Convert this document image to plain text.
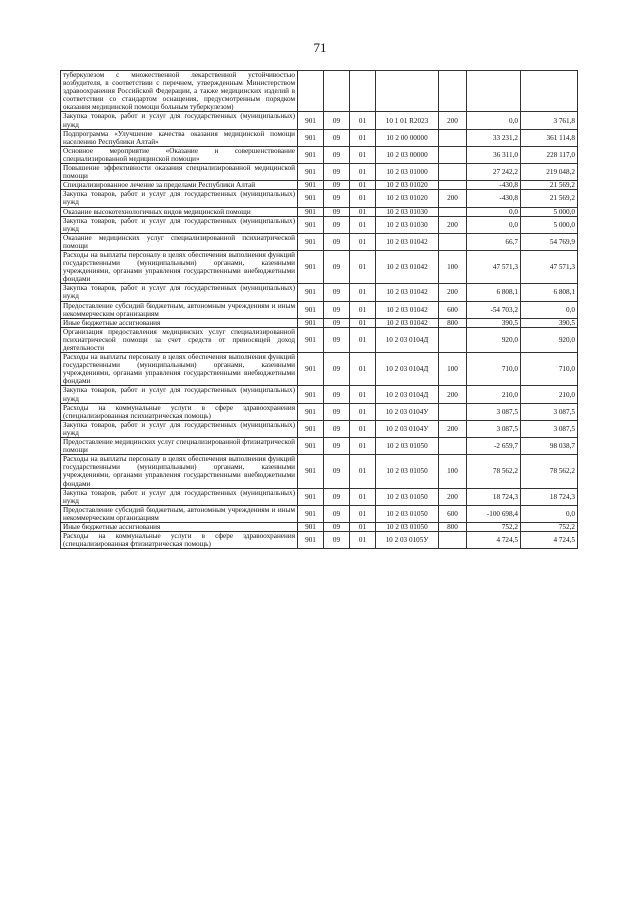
71
туберкулезом с множественной лекарственной устойчивостью возбудителя, в соответствии с перечнем, утвержденным Министерством здравоохранения Российской Федерации, а также медицинских изделий в соответствии со стандартом оснащения, предусмотренным порядком оказания медицинской помощи больным туберкулезом)							
Закупка товаров, работ и услуг для государственных (муниципальных) нужд	901	09	01	10 1 01 R2023	200	0,0	3 761,8
Подпрограмма «Улучшение качества оказания медицинской помощи населению Республики Алтай»	901	09	01	10 2 00 00000		33 231,2	361 114,8
Основное мероприятие «Оказание и совершенствование специализированной медицинской помощи»	901	09	01	10 2 03 00000		36 311,0	228 117,0
Повышение эффективности оказания специализированной медицинской помощи	901	09	01	10 2 03 01000		27 242,2	219 048,2
Специализированное лечение за пределами Республики Алтай	901	09	01	10 2 03 01020		-430,8	21 569,2
Закупка товаров, работ и услуг для государственных (муниципальных) нужд	901	09	01	10 2 03 01020	200	-430,8	21 569,2
Оказание высокотехнологичных видов медицинской помощи	901	09	01	10 2 03 01030		0,0	5 000,0
Закупка товаров, работ и услуг для государственных (муниципальных) нужд	901	09	01	10 2 03 01030	200	0,0	5 000,0
Оказание медицинских услуг специализированной психиатрической помощи	901	09	01	10 2 03 01042		66,7	54 769,9
Расходы на выплаты персоналу в целях обеспечения выполнения функций государственными (муниципальными) органами, казенными учреждениями, органами управления государственными внебюджетными фондами	901	09	01	10 2 03 01042	100	47 571,3	47 571,3
Закупка товаров, работ и услуг для государственных (муниципальных) нужд	901	09	01	10 2 03 01042	200	6 808,1	6 808,1
Предоставление субсидий бюджетным, автономным учреждениям и иным некоммерческим организациям	901	09	01	10 2 03 01042	600	-54 703,2	0,0
Иные бюджетные ассигнования	901	09	01	10 2 03 01042	800	390,5	390,5
Организация предоставления медицинских услуг специализированной психиатрической помощи за счет средств от приносящей доход деятельности	901	09	01	10 2 03 0104Д		920,0	920,0
Расходы на выплаты персоналу в целях обеспечения выполнения функций государственными (муниципальными) органами, казенными учреждениями, органами управления государственными внебюджетными фондами	901	09	01	10 2 03 0104Д	100	710,0	710,0
Закупка товаров, работ и услуг для государственных (муниципальных) нужд	901	09	01	10 2 03 0104Д	200	210,0	210,0
Расходы на коммунальные услуги в сфере здравоохранения (специализированная психиатрическая помощь)	901	09	01	10 2 03 0104У		3 087,5	3 087,5
Закупка товаров, работ и услуг для государственных (муниципальных) нужд	901	09	01	10 2 03 0104У	200	3 087,5	3 087,5
Предоставление медицинских услуг специализированной фтизиатрической помощи	901	09	01	10 2 03 01050		-2 659,7	98 038,7
Расходы на выплаты персоналу в целях обеспечения выполнения функций государственными (муниципальными) органами, казенными учреждениями, органами управления государственными внебюджетными фондами	901	09	01	10 2 03 01050	100	78 562,2	78 562,2
Закупка товаров, работ и услуг для государственных (муниципальных) нужд	901	09	01	10 2 03 01050	200	18 724,3	18 724,3
Предоставление субсидий бюджетным, автономным учреждениям и иным некоммерческим организациям	901	09	01	10 2 03 01050	600	-100 698,4	0,0
Иные бюджетные ассигнования	901	09	01	10 2 03 01050	800	752,2	752,2
Расходы на коммунальные услуги в сфере здравоохранения (специализированная фтизиатрическая помощь)	901	09	01	10 2 03 0105У		4 724,5	4 724,5
